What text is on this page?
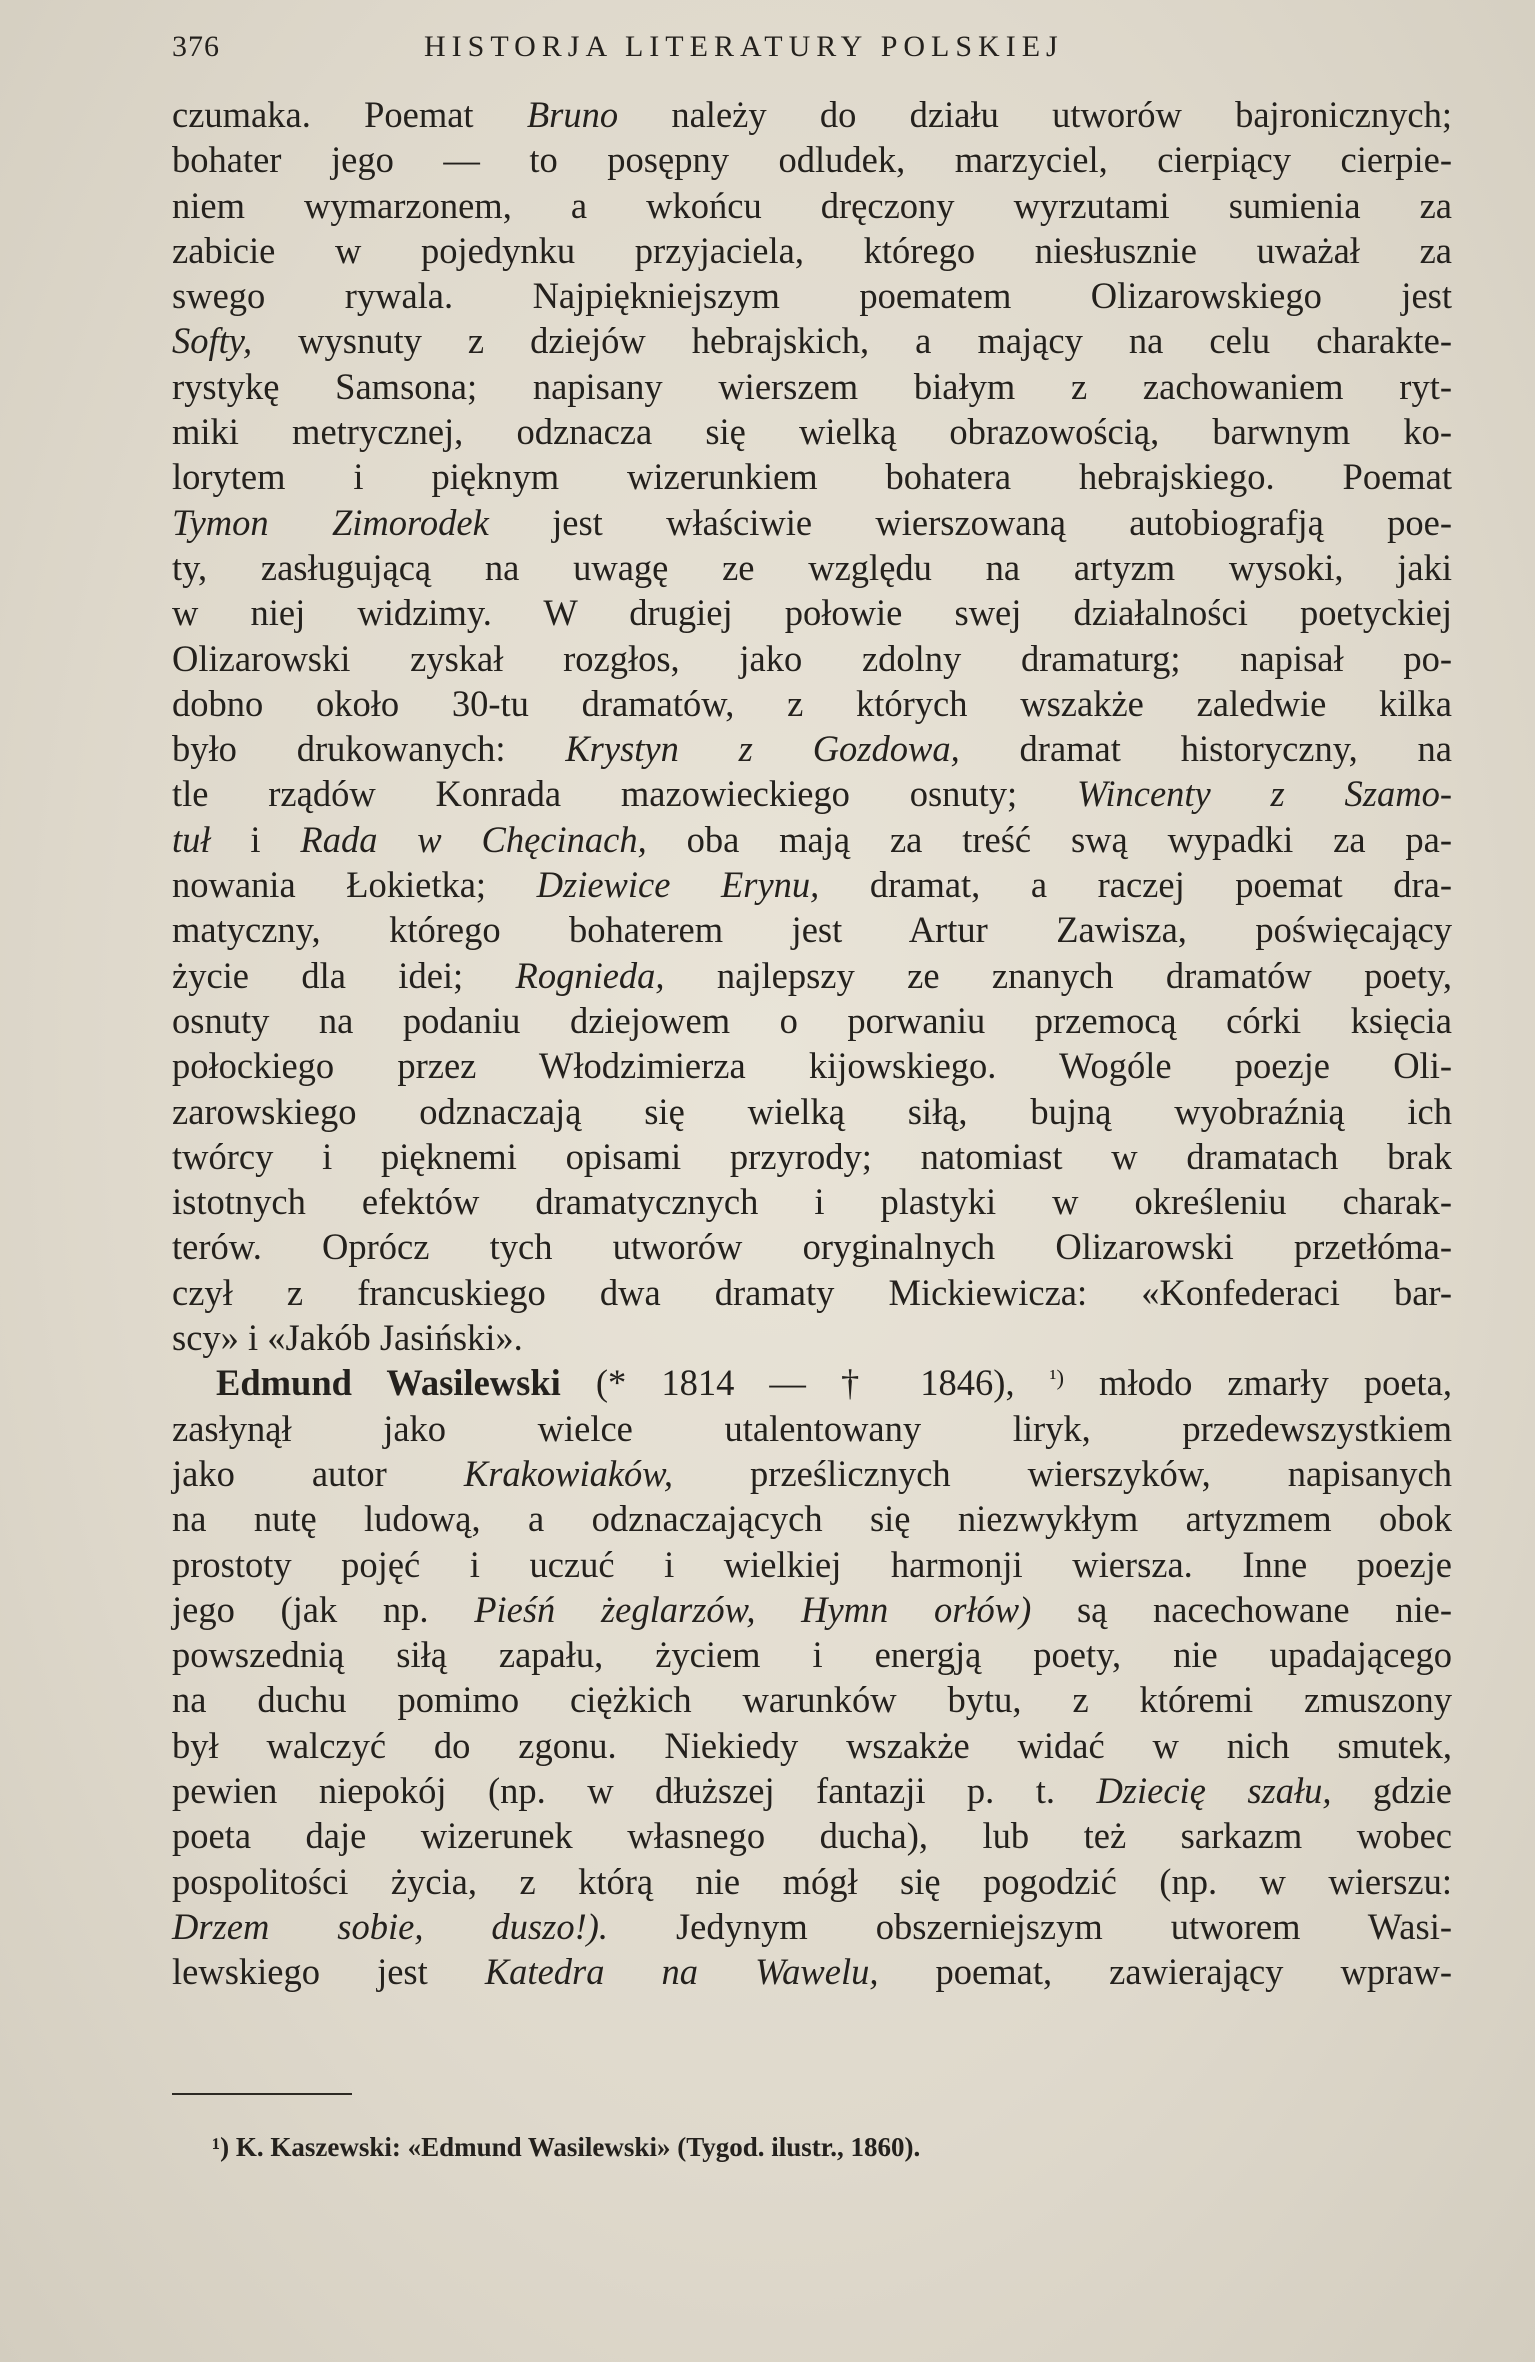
376	HISTORJA LITERATURY POLSKIEJ
czumaka. Poemat Bruno należy do działu utworów bajronicznych;
bohater jego — to posępny odludek, marzyciel, cierpiący cierpie-
niem wymarzonem, a wkońcu dręczony wyrzutami sumienia za
zabicie w pojedynku przyjaciela, którego niesłusznie uważał za
swego rywala. Najpiękniejszym poematem Olizarowskiego jest
Softy, wysnuty z dziejów hebrajskich, a mający na celu charakte-
rystykę Samsona; napisany wierszem białym z zachowaniem ryt-
miki metrycznej, odznacza się wielką obrazowością, barwnym ko-
lorytem i pięknym wizerunkiem bohatera hebrajskiego. Poemat
Tymon Zimorodek jest właściwie wierszowaną autobiografją poe-
ty, zasługującą na uwagę ze względu na artyzm wysoki, jaki
w niej widzimy. W drugiej połowie swej działalności poetyckiej
Olizarowski zyskał rozgłos, jako zdolny dramaturg; napisał po-
dobno około 30-tu dramatów, z których wszakże zaledwie kilka
było drukowanych: Krystyn z Gozdowa, dramat historyczny, na
tle rządów Konrada mazowieckiego osnuty; Wincenty z Szamo-
tuł i Rada w Chęcinach, oba mają za treść swą wypadki za pa-
nowania Łokietka; Dziewice Erynu, dramat, a raczej poemat dra-
matyczny, którego bohaterem jest Artur Zawisza, poświęcający
życie dla idei; Rognieda, najlepszy ze znanych dramatów poety,
osnuty na podaniu dziejowem o porwaniu przemocą córki księcia
połockiego przez Włodzimierza kijowskiego. Wogóle poezje Oli-
zarowskiego odznaczają się wielką siłą, bujną wyobraźnią ich
twórcy i pięknemi opisami przyrody; natomiast w dramatach brak
istotnych efektów dramatycznych i plastyki w określeniu charak-
terów. Oprócz tych utworów oryginalnych Olizarowski przetłóma-
czył z francuskiego dwa dramaty Mickiewicza: «Konfederaci bar-
scy» i «Jakób Jasiński».
Edmund Wasilewski (* 1814 — † 1846), $^{^1)}$ młodo zmarły poeta,
zasłynął jako wielce utalentowany liryk, przedewszystkiem
jako autor Krakowiaków, prześlicznych wierszyków, napisanych
na nutę ludową, a odznaczających się niezwykłym artyzmem obok
prostoty pojęć i uczuć i wielkiej harmonji wiersza. Inne poezje
jego (jak np. Pieśń żeglarzów, Hymn orłów) są nacechowane nie-
powszednią siłą zapału, życiem i energją poety, nie upadającego
na duchu pomimo ciężkich warunków bytu, z któremi zmuszony
był walczyć do zgonu. Niekiedy wszakże widać w nich smutek,
pewien niepokój (np. w dłuższej fantazji p. t. Dziecię szału, gdzie
poeta daje wizerunek własnego ducha), lub też sarkazm wobec
pospolitości życia, z którą nie mógł się pogodzić (np. w wierszu:
Drzem sobie, duszo!). Jedynym obszerniejszym utworem Wasi-
lewskiego jest Katedra na Wawelu, poemat, zawierający wpraw-
¹) K. Kaszewski: «Edmund Wasilewski» (Tygod. ilustr., 1860).
